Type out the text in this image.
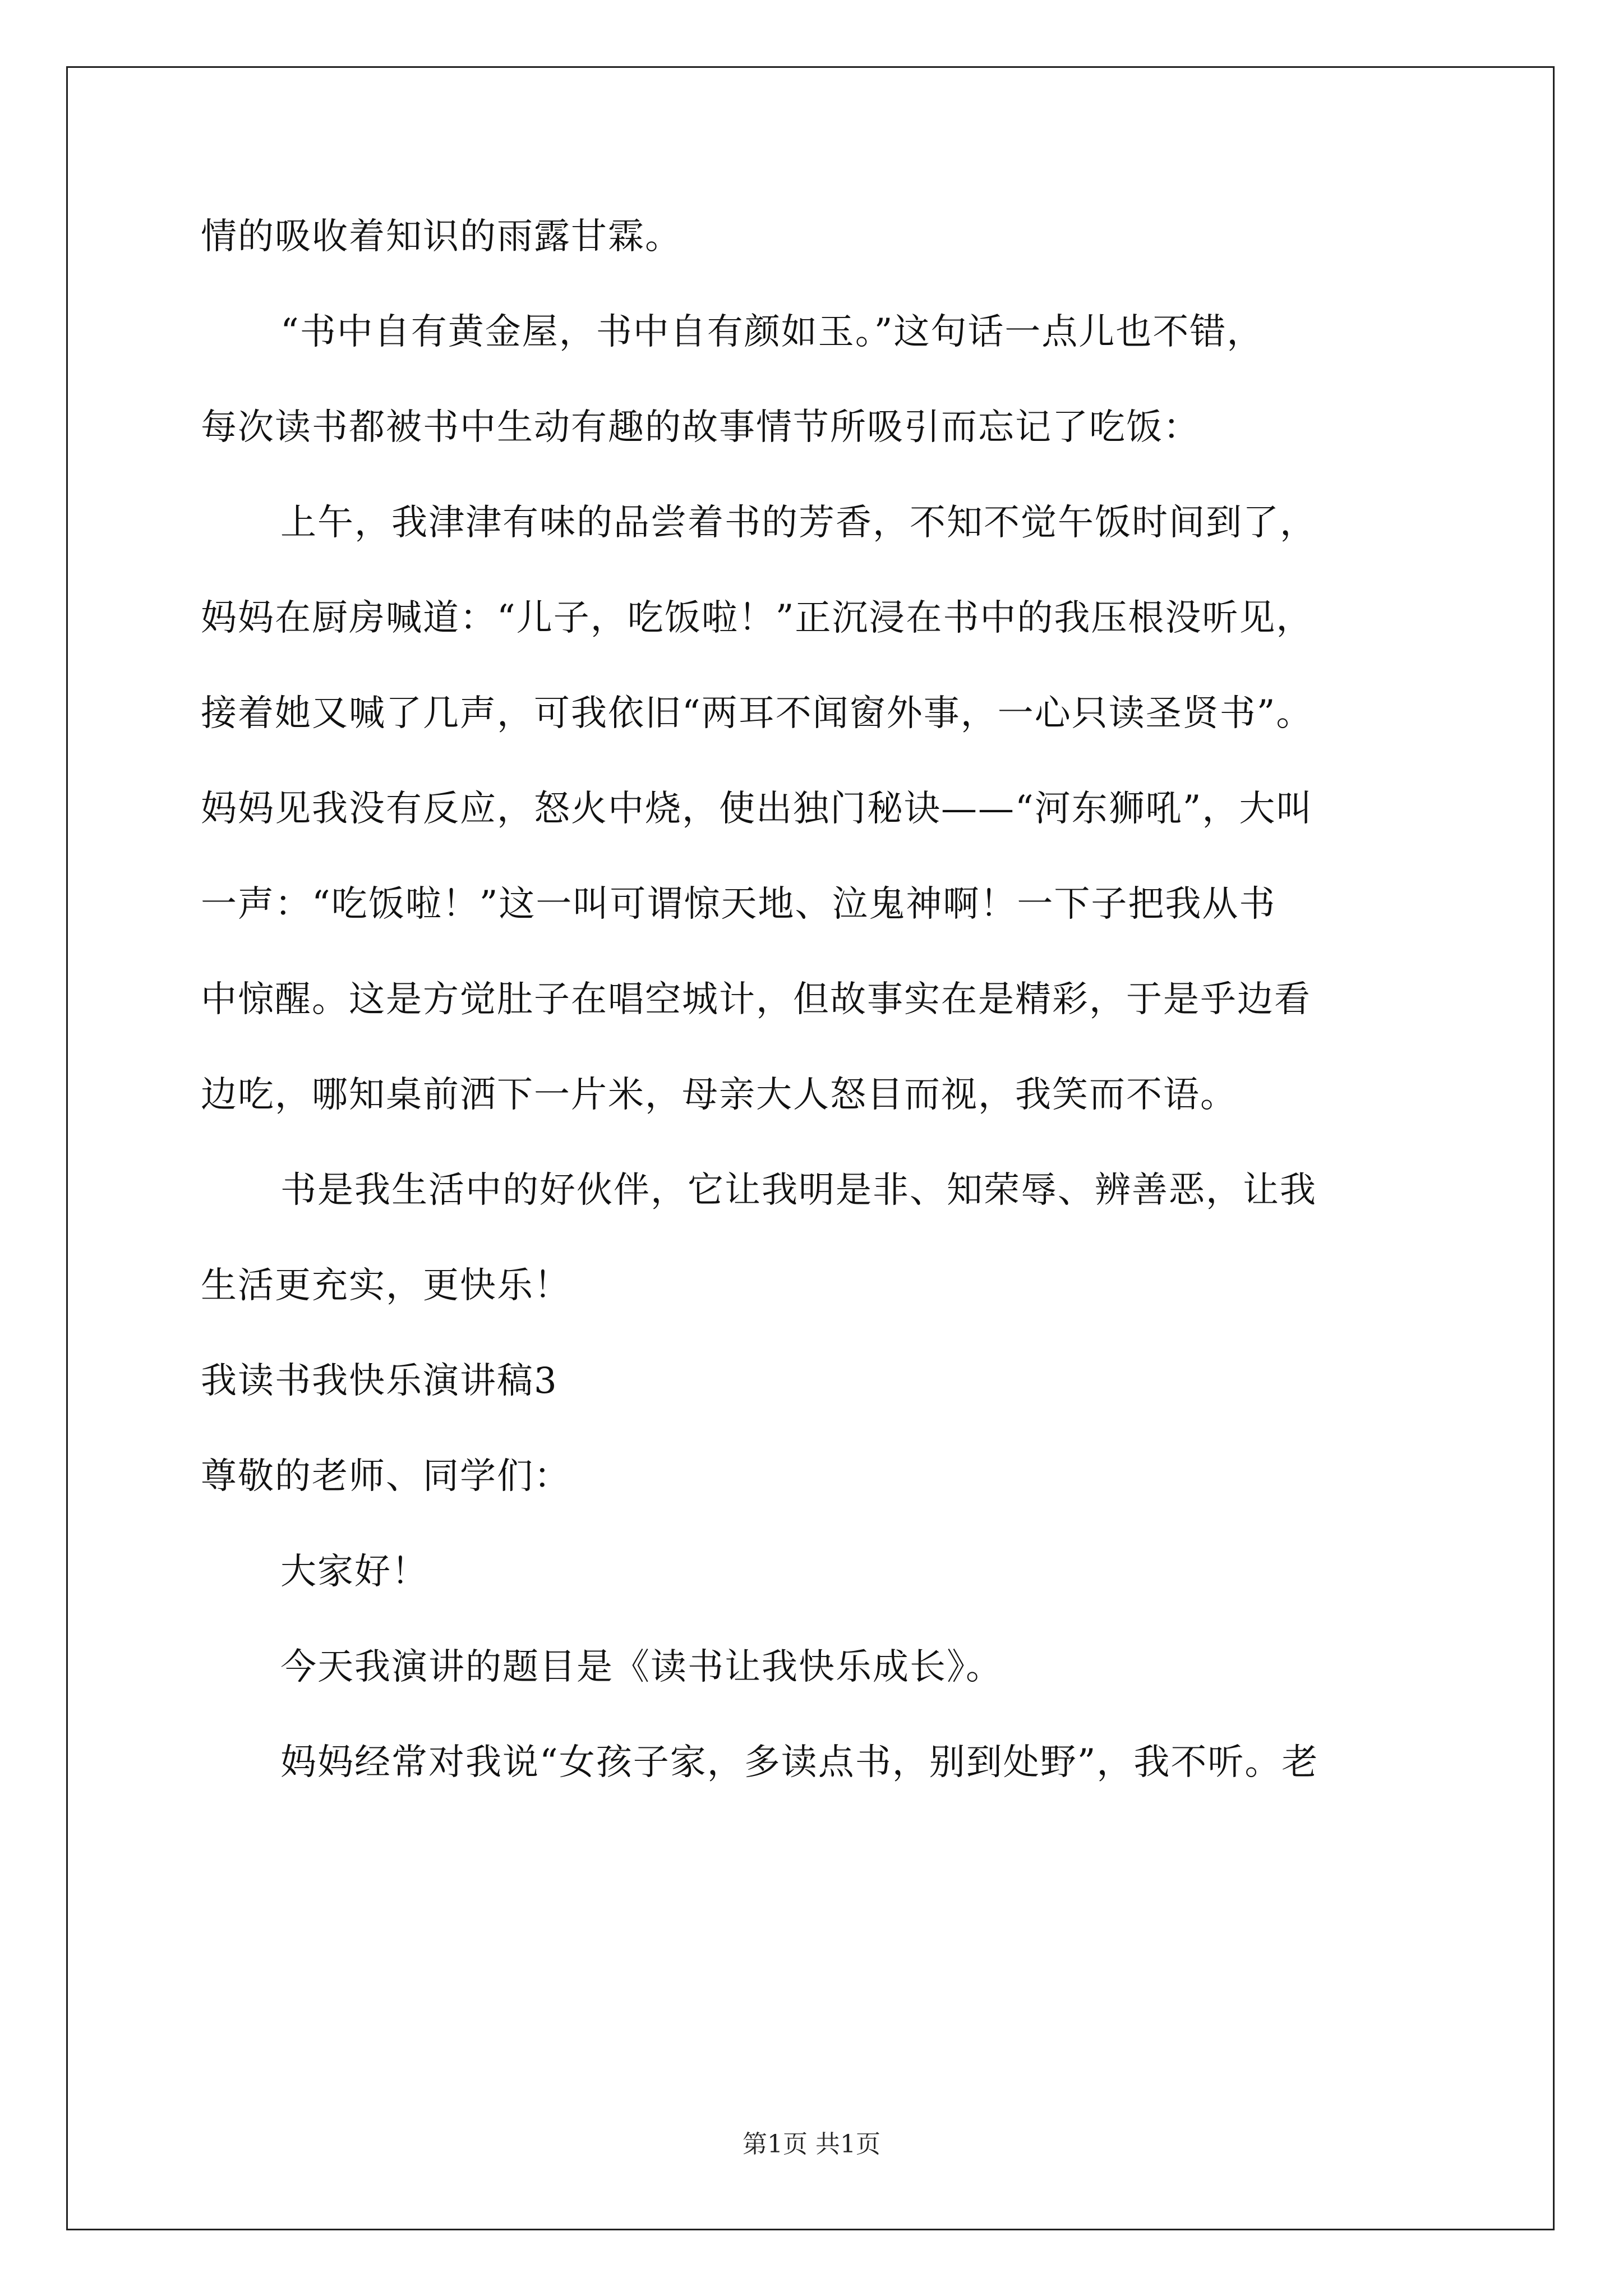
情的吸收着知识的雨露甘霖。
“书中自有黄金屋，书中自有颜如玉。”这句话一点儿也不错，
每次读书都被书中生动有趣的故事情节所吸引而忘记了吃饭：
上午，我津津有味的品尝着书的芳香，不知不觉午饭时间到了，
妈妈在厨房喊道：“儿子，吃饭啦！”正沉浸在书中的我压根没听见，
接着她又喊了几声，可我依旧“两耳不闻窗外事，一心只读圣贤书”。
妈妈见我没有反应，怒火中烧，使出独门秘诀——“河东狮吼”，大叫
一声：“吃饭啦！”这一叫可谓惊天地、泣鬼神啊！一下子把我从书
中惊醒。这是方觉肚子在唱空城计，但故事实在是精彩，于是乎边看
边吃，哪知桌前洒下一片米，母亲大人怒目而视，我笑而不语。
书是我生活中的好伙伴，它让我明是非、知荣辱、辨善恶，让我
生活更充实，更快乐！
我读书我快乐演讲稿3
尊敬的老师、同学们：
大家好！
今天我演讲的题目是《读书让我快乐成长》。
妈妈经常对我说“女孩子家，多读点书，别到处野”，我不听。老
第1页 共1页
